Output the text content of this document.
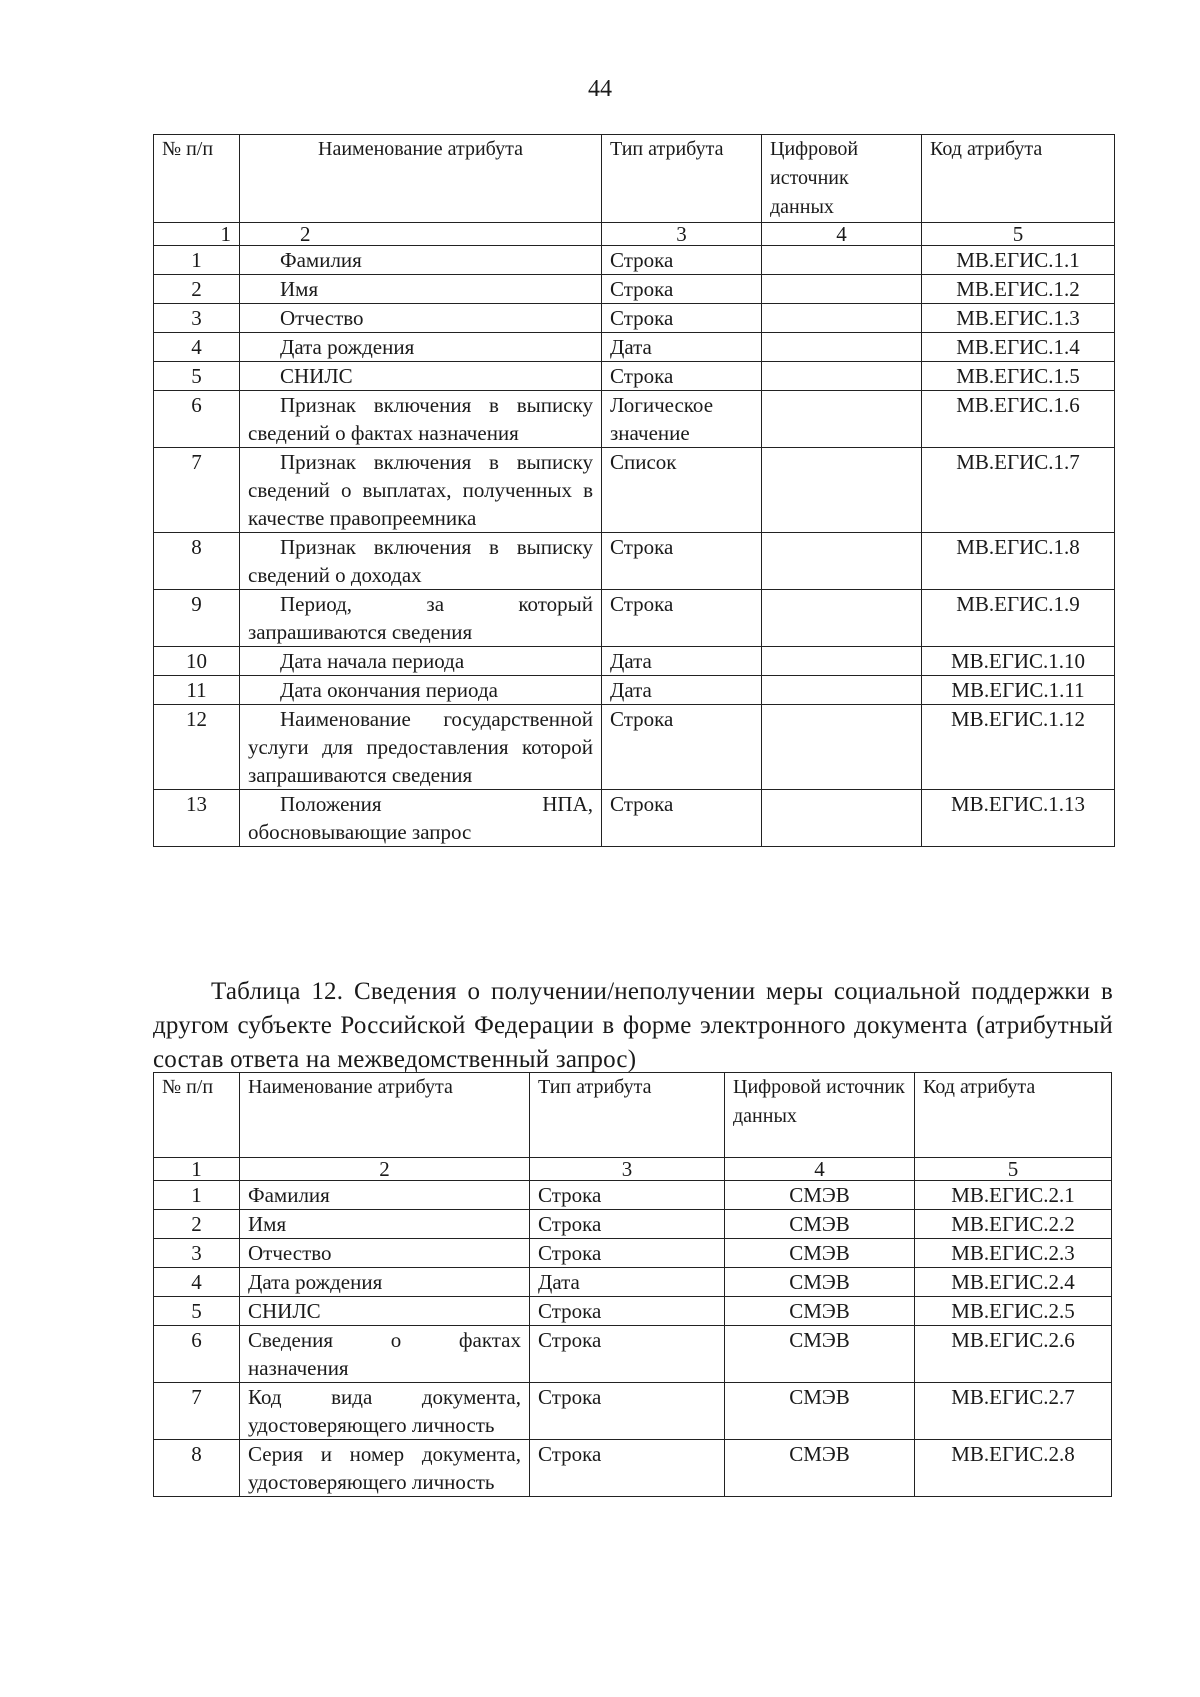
44
№ п/п	Наименование атрибута	Тип атрибута	Цифровой источник данных	Код атрибута
1	2	3	4	5
1	Фамилия	Строка		МВ.ЕГИС.1.1
2	Имя	Строка		МВ.ЕГИС.1.2
3	Отчество	Строка		МВ.ЕГИС.1.3
4	Дата рождения	Дата		МВ.ЕГИС.1.4
5	СНИЛС	Строка		МВ.ЕГИС.1.5
6	Признак включения в выписку сведений о фактах назначения	Логическое значение		МВ.ЕГИС.1.6
7	Признак включения в выписку сведений о выплатах, полученных в качестве правопреемника	Список		МВ.ЕГИС.1.7
8	Признак включения в выписку сведений о доходах	Строка		МВ.ЕГИС.1.8
9	Период, за который запрашиваются сведения	Строка		МВ.ЕГИС.1.9
10	Дата начала периода	Дата		МВ.ЕГИС.1.10
11	Дата окончания периода	Дата		МВ.ЕГИС.1.11
12	Наименование государственной услуги для предоставления которой запрашиваются сведения	Строка		МВ.ЕГИС.1.12
13	Положения НПА, обосновывающие запрос	Строка		МВ.ЕГИС.1.13
Таблица 12. Сведения о получении/неполучении меры социальной поддержки в другом субъекте Российской Федерации в форме электронного документа (атрибутный состав ответа на межведомственный запрос)
№ п/п	Наименование атрибута	Тип атрибута	Цифровой источник данных	Код атрибута
1	2	3	4	5
1	Фамилия	Строка	СМЭВ	МВ.ЕГИС.2.1
2	Имя	Строка	СМЭВ	МВ.ЕГИС.2.2
3	Отчество	Строка	СМЭВ	МВ.ЕГИС.2.3
4	Дата рождения	Дата	СМЭВ	МВ.ЕГИС.2.4
5	СНИЛС	Строка	СМЭВ	МВ.ЕГИС.2.5
6	Сведения о фактах назначения	Строка	СМЭВ	МВ.ЕГИС.2.6
7	Код вида документа, удостоверяющего личность	Строка	СМЭВ	МВ.ЕГИС.2.7
8	Серия и номер документа, удостоверяющего личность	Строка	СМЭВ	МВ.ЕГИС.2.8
